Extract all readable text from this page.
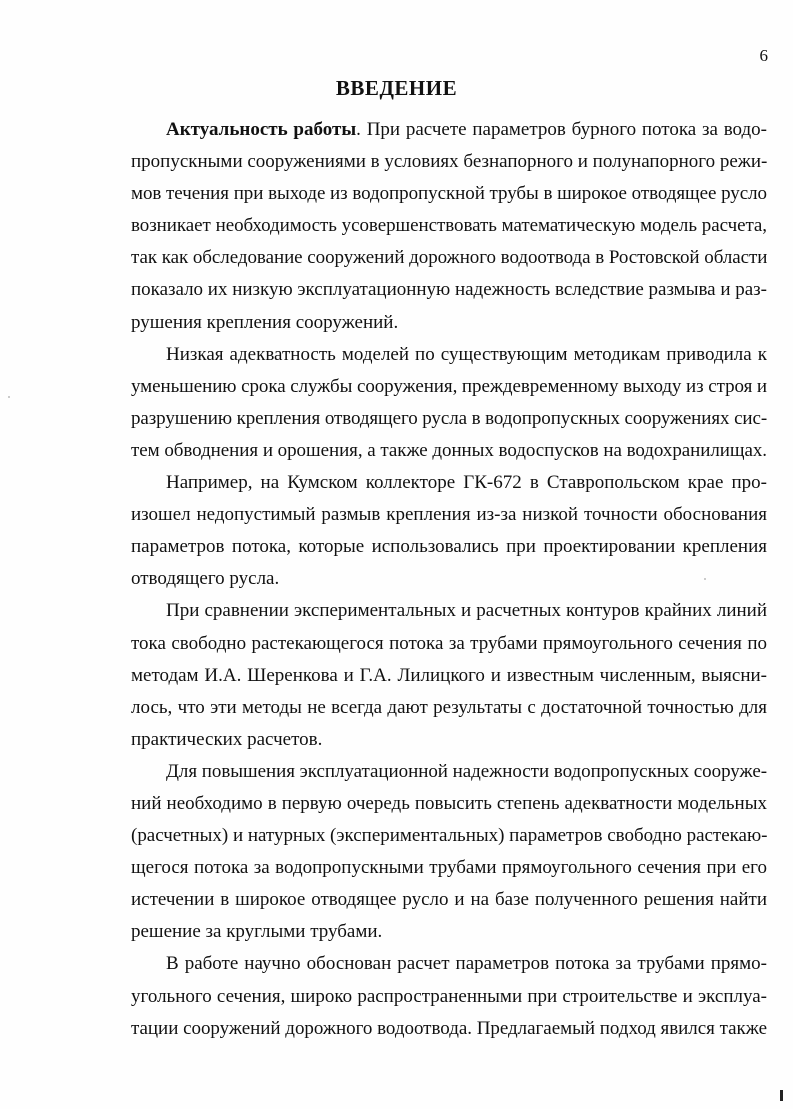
6
ВВЕДЕНИЕ
Актуальность работы. При расчете параметров бурного потока за водо-
пропускными сооружениями в условиях безнапорного и полунапорного режи-
мов течения при выходе из водопропускной трубы в широкое отводящее русло
возникает необходимость усовершенствовать математическую модель расчета,
так как обследование сооружений дорожного водоотвода в Ростовской области
показало их низкую эксплуатационную надежность вследствие размыва и раз-
рушения крепления сооружений.
Низкая адекватность моделей по существующим методикам приводила к
уменьшению срока службы сооружения, преждевременному выходу из строя и
разрушению крепления отводящего русла в водопропускных сооружениях сис-
тем обводнения и орошения, а также донных водоспусков на водохранилищах.
Например, на Кумском коллекторе ГК-672 в Ставропольском крае про-
изошел недопустимый размыв крепления из-за низкой точности обоснования
параметров потока, которые использовались при проектировании крепления
отводящего русла.
При сравнении экспериментальных и расчетных контуров крайних линий
тока свободно растекающегося потока за трубами прямоугольного сечения по
методам И.А. Шеренкова и Г.А. Лилицкого и известным численным, выясни-
лось, что эти методы не всегда дают результаты с достаточной точностью для
практических расчетов.
Для повышения эксплуатационной надежности водопропускных сооруже-
ний необходимо в первую очередь повысить степень адекватности модельных
(расчетных) и натурных (экспериментальных) параметров свободно растекаю-
щегося потока за водопропускными трубами прямоугольного сечения при его
истечении в широкое отводящее русло и на базе полученного решения найти
решение за круглыми трубами.
В работе научно обоснован расчет параметров потока за трубами прямо-
угольного сечения, широко распространенными при строительстве и эксплуа-
тации сооружений дорожного водоотвода. Предлагаемый подход явился также
